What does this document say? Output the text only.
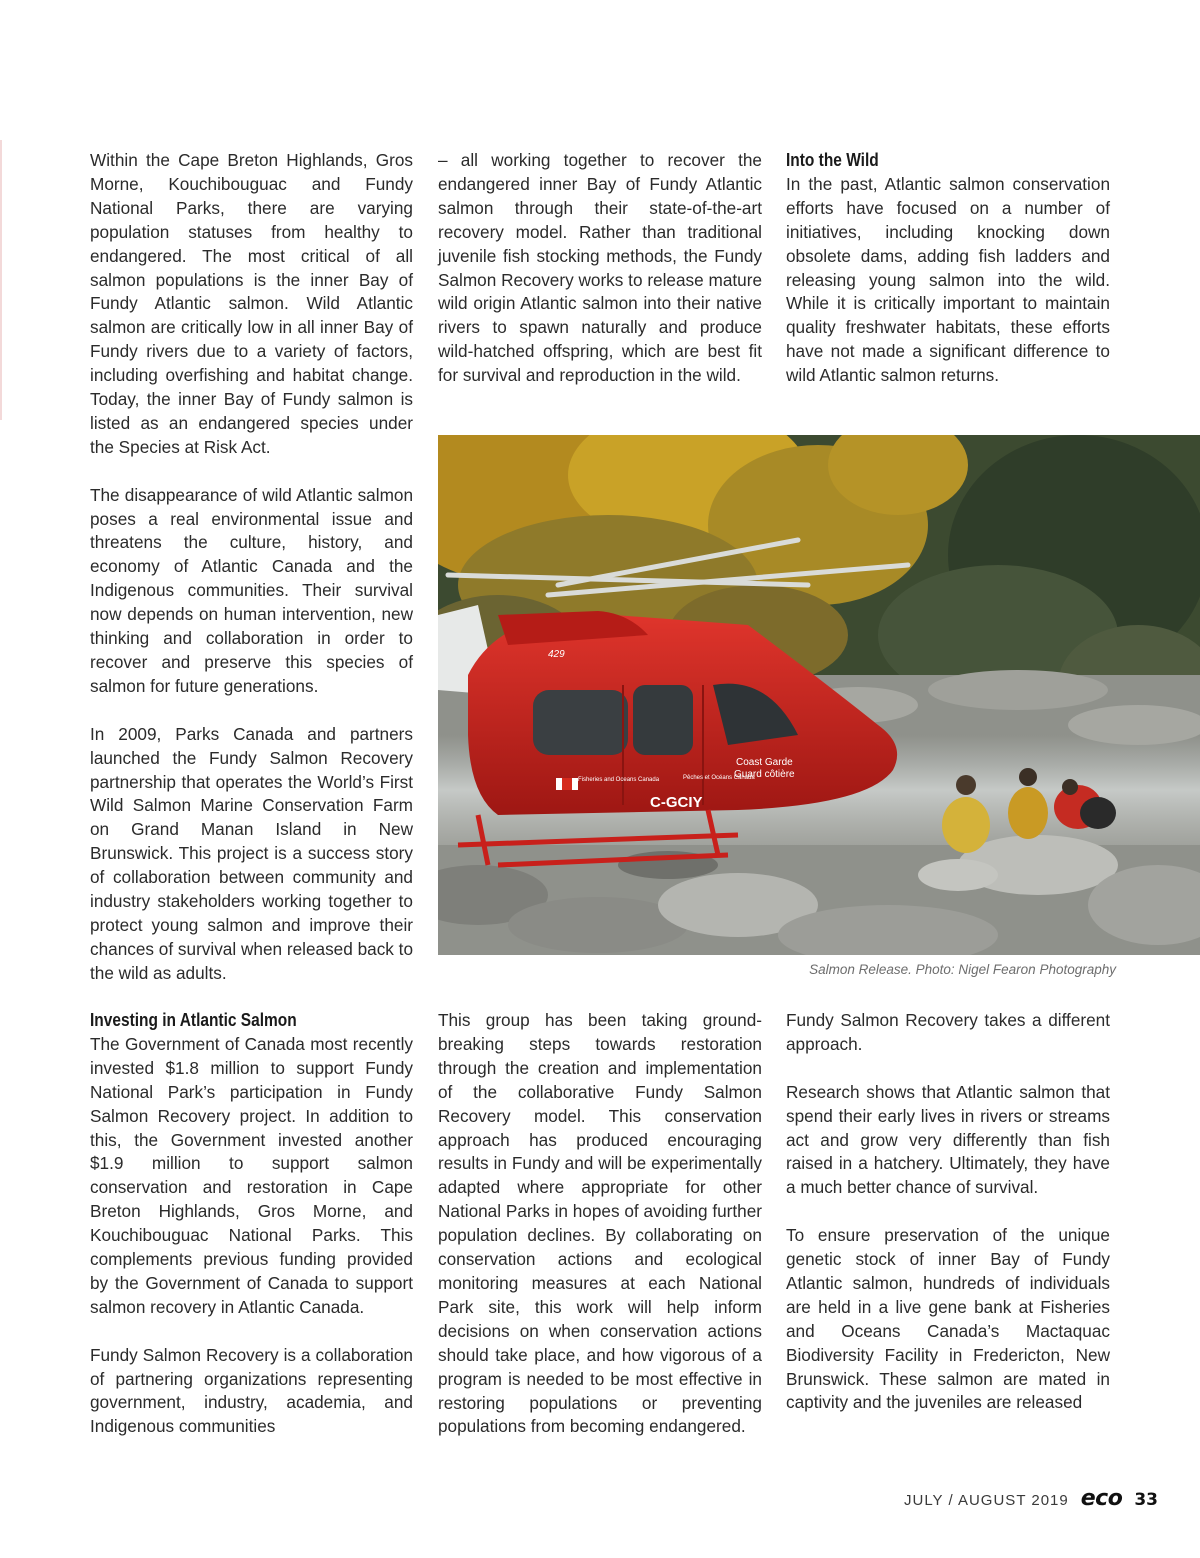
Within the Cape Breton Highlands, Gros Morne, Kouchibouguac and Fundy National Parks, there are varying population statuses from healthy to endangered. The most critical of all salmon populations is the inner Bay of Fundy Atlantic salmon. Wild Atlantic salmon are critically low in all inner Bay of Fundy rivers due to a variety of factors, including overfishing and habitat change. Today, the inner Bay of Fundy salmon is listed as an endangered species under the Species at Risk Act.

The disappearance of wild Atlantic salmon poses a real environmental issue and threatens the culture, history, and economy of Atlantic Canada and the Indigenous communities. Their survival now depends on human intervention, new thinking and collaboration in order to recover and preserve this species of salmon for future generations.

In 2009, Parks Canada and partners launched the Fundy Salmon Recovery partnership that operates the World’s First Wild Salmon Marine Conservation Farm on Grand Manan Island in New Brunswick. This project is a success story of collaboration between community and industry stakeholders working together to protect young salmon and improve their chances of survival when released back to the wild as adults.

– all working together to recover the endangered inner Bay of Fundy Atlantic salmon through their state-of-the-art recovery model. Rather than traditional juvenile fish stocking methods, the Fundy Salmon Recovery works to release mature wild origin Atlantic salmon into their native rivers to spawn naturally and produce wild-hatched offspring, which are best fit for survival and reproduction in the wild.

Into the Wild

In the past, Atlantic salmon conservation efforts have focused on a number of initiatives, including knocking down obsolete dams, adding fish ladders and releasing young salmon into the wild. While it is critically important to maintain quality freshwater habitats, these efforts have not made a significant difference to wild Atlantic salmon returns.

429
Coast Garde
Guard côtière
Fisheries and Oceans Canada	Pêches et Océans Canada
C-GCIY
Salmon Release. Photo: Nigel Fearon Photography
Investing in Atlantic Salmon

The Government of Canada most recently invested $1.8 million to support Fundy National Park’s participation in Fundy Salmon Recovery project. In addition to this, the Government invested another $1.9 million to support salmon conservation and restoration in Cape Breton Highlands, Gros Morne, and Kouchibouguac National Parks. This complements previous funding provided by the Government of Canada to support salmon recovery in Atlantic Canada.

Fundy Salmon Recovery is a collaboration of partnering organizations representing government, industry, academia, and Indigenous communities

This group has been taking ground-breaking steps towards restoration through the creation and implementation of the collaborative Fundy Salmon Recovery model. This conservation approach has produced encouraging results in Fundy and will be experimentally adapted where appropriate for other National Parks in hopes of avoiding further population declines. By collaborating on conservation actions and ecological monitoring measures at each National Park site, this work will help inform decisions on when conservation actions should take place, and how vigorous of a program is needed to be most effective in restoring populations or preventing populations from becoming endangered.

Fundy Salmon Recovery takes a different approach.

Research shows that Atlantic salmon that spend their early lives in rivers or streams act and grow very differently than fish raised in a hatchery. Ultimately, they have a much better chance of survival.

To ensure preservation of the unique genetic stock of inner Bay of Fundy Atlantic salmon, hundreds of individuals are held in a live gene bank at Fisheries and Oceans Canada’s Mactaquac Biodiversity Facility in Fredericton, New Brunswick. These salmon are mated in captivity and the juveniles are released

JULY / AUGUST 2019 eco 33
